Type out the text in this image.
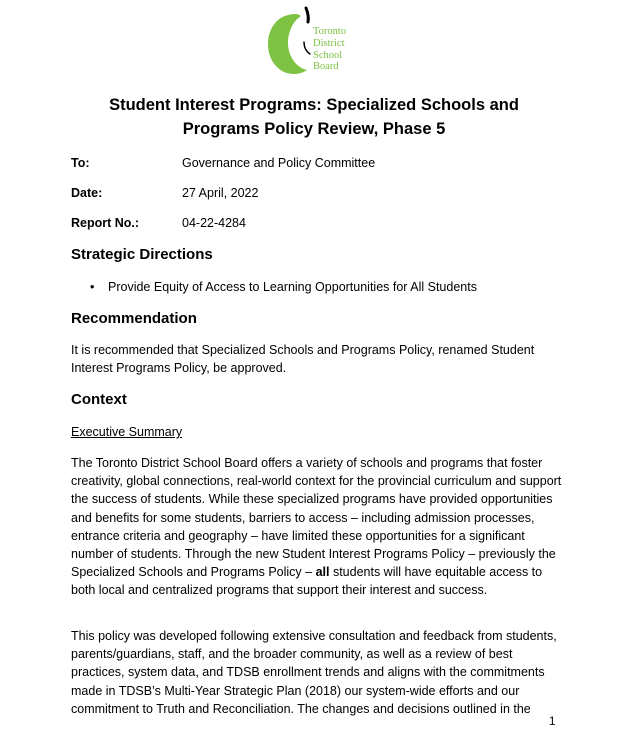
Toronto
District
School
Board
Student Interest Programs: Specialized Schools and
Programs Policy Review, Phase 5
To:	Governance and Policy Committee
Date:	27 April, 2022
Report No.:	04-22-4284
Strategic Directions
• Provide Equity of Access to Learning Opportunities for All Students
Recommendation

It is recommended that Specialized Schools and Programs Policy, renamed Student Interest Programs Policy, be approved.

Context
Executive Summary

The Toronto District School Board offers a variety of schools and programs that foster creativity, global connections, real-world context for the provincial curriculum and support the success of students. While these specialized programs have provided opportunities and benefits for some students, barriers to access – including admission processes, entrance criteria and geography – have limited these opportunities for a significant number of students. Through the new Student Interest Programs Policy – previously the Specialized Schools and Programs Policy – all students will have equitable access to both local and centralized programs that support their interest and success.

This policy was developed following extensive consultation and feedback from students, parents/guardians, staff, and the broader community, as well as a review of best practices, system data, and TDSB enrollment trends and aligns with the commitments made in TDSB’s Multi-Year Strategic Plan (2018) our system-wide efforts and our commitment to Truth and Reconciliation. The changes and decisions outlined in the

1
